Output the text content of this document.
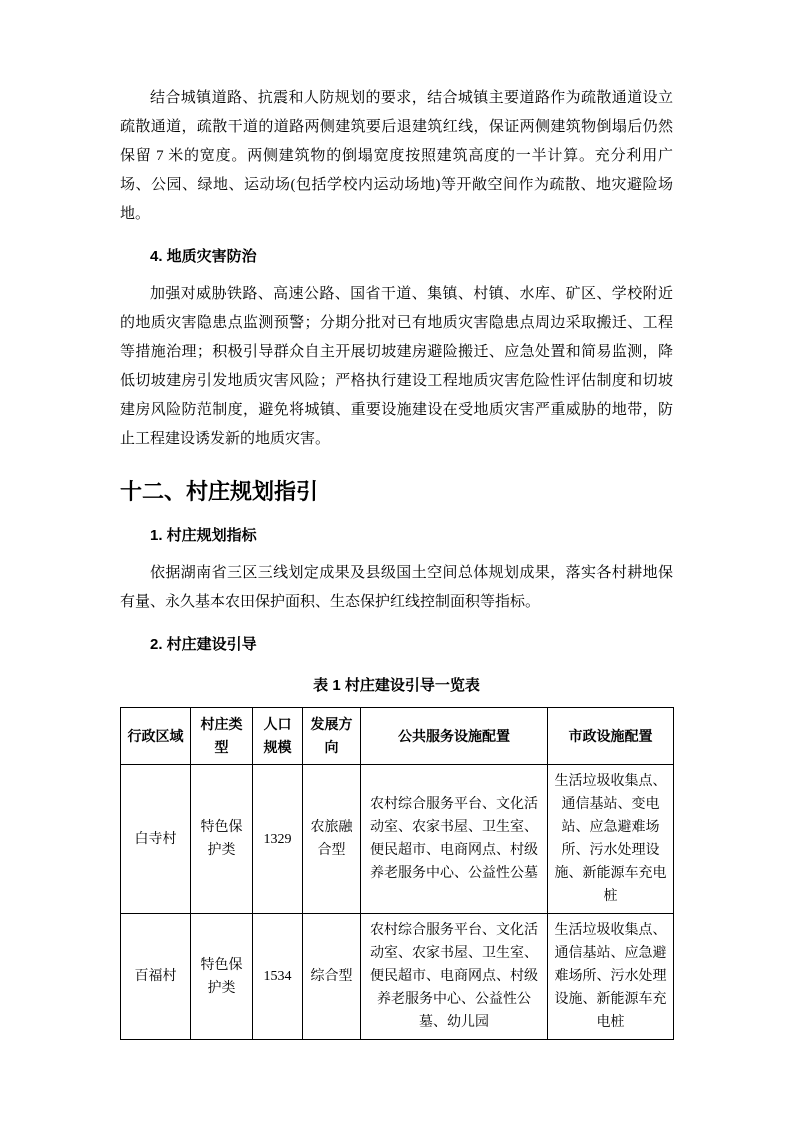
结合城镇道路、抗震和人防规划的要求，结合城镇主要道路作为疏散通道设立疏散通道，疏散干道的道路两侧建筑要后退建筑红线，保证两侧建筑物倒塌后仍然保留 7 米的宽度。两侧建筑物的倒塌宽度按照建筑高度的一半计算。充分利用广场、公园、绿地、运动场(包括学校内运动场地)等开敞空间作为疏散、地灾避险场地。

4. 地质灾害防治

加强对威胁铁路、高速公路、国省干道、集镇、村镇、水库、矿区、学校附近的地质灾害隐患点监测预警；分期分批对已有地质灾害隐患点周边采取搬迁、工程等措施治理；积极引导群众自主开展切坡建房避险搬迁、应急处置和简易监测，降低切坡建房引发地质灾害风险；严格执行建设工程地质灾害危险性评估制度和切坡建房风险防范制度，避免将城镇、重要设施建设在受地质灾害严重威胁的地带，防止工程建设诱发新的地质灾害。

十二、村庄规划指引
1. 村庄规划指标

依据湖南省三区三线划定成果及县级国土空间总体规划成果，落实各村耕地保有量、永久基本农田保护面积、生态保护红线控制面积等指标。

2. 村庄建设引导

表 1 村庄建设引导一览表

行政区域	村庄类型	人口规模	发展方向	公共服务设施配置	市政设施配置
白寺村	特色保护类	1329	农旅融合型	农村综合服务平台、文化活动室、农家书屋、卫生室、便民超市、电商网点、村级养老服务中心、公益性公墓	生活垃圾收集点、通信基站、变电站、应急避难场所、污水处理设施、新能源车充电桩
百福村	特色保护类	1534	综合型	农村综合服务平台、文化活动室、农家书屋、卫生室、便民超市、电商网点、村级养老服务中心、公益性公墓、幼儿园	生活垃圾收集点、通信基站、应急避难场所、污水处理设施、新能源车充电桩
